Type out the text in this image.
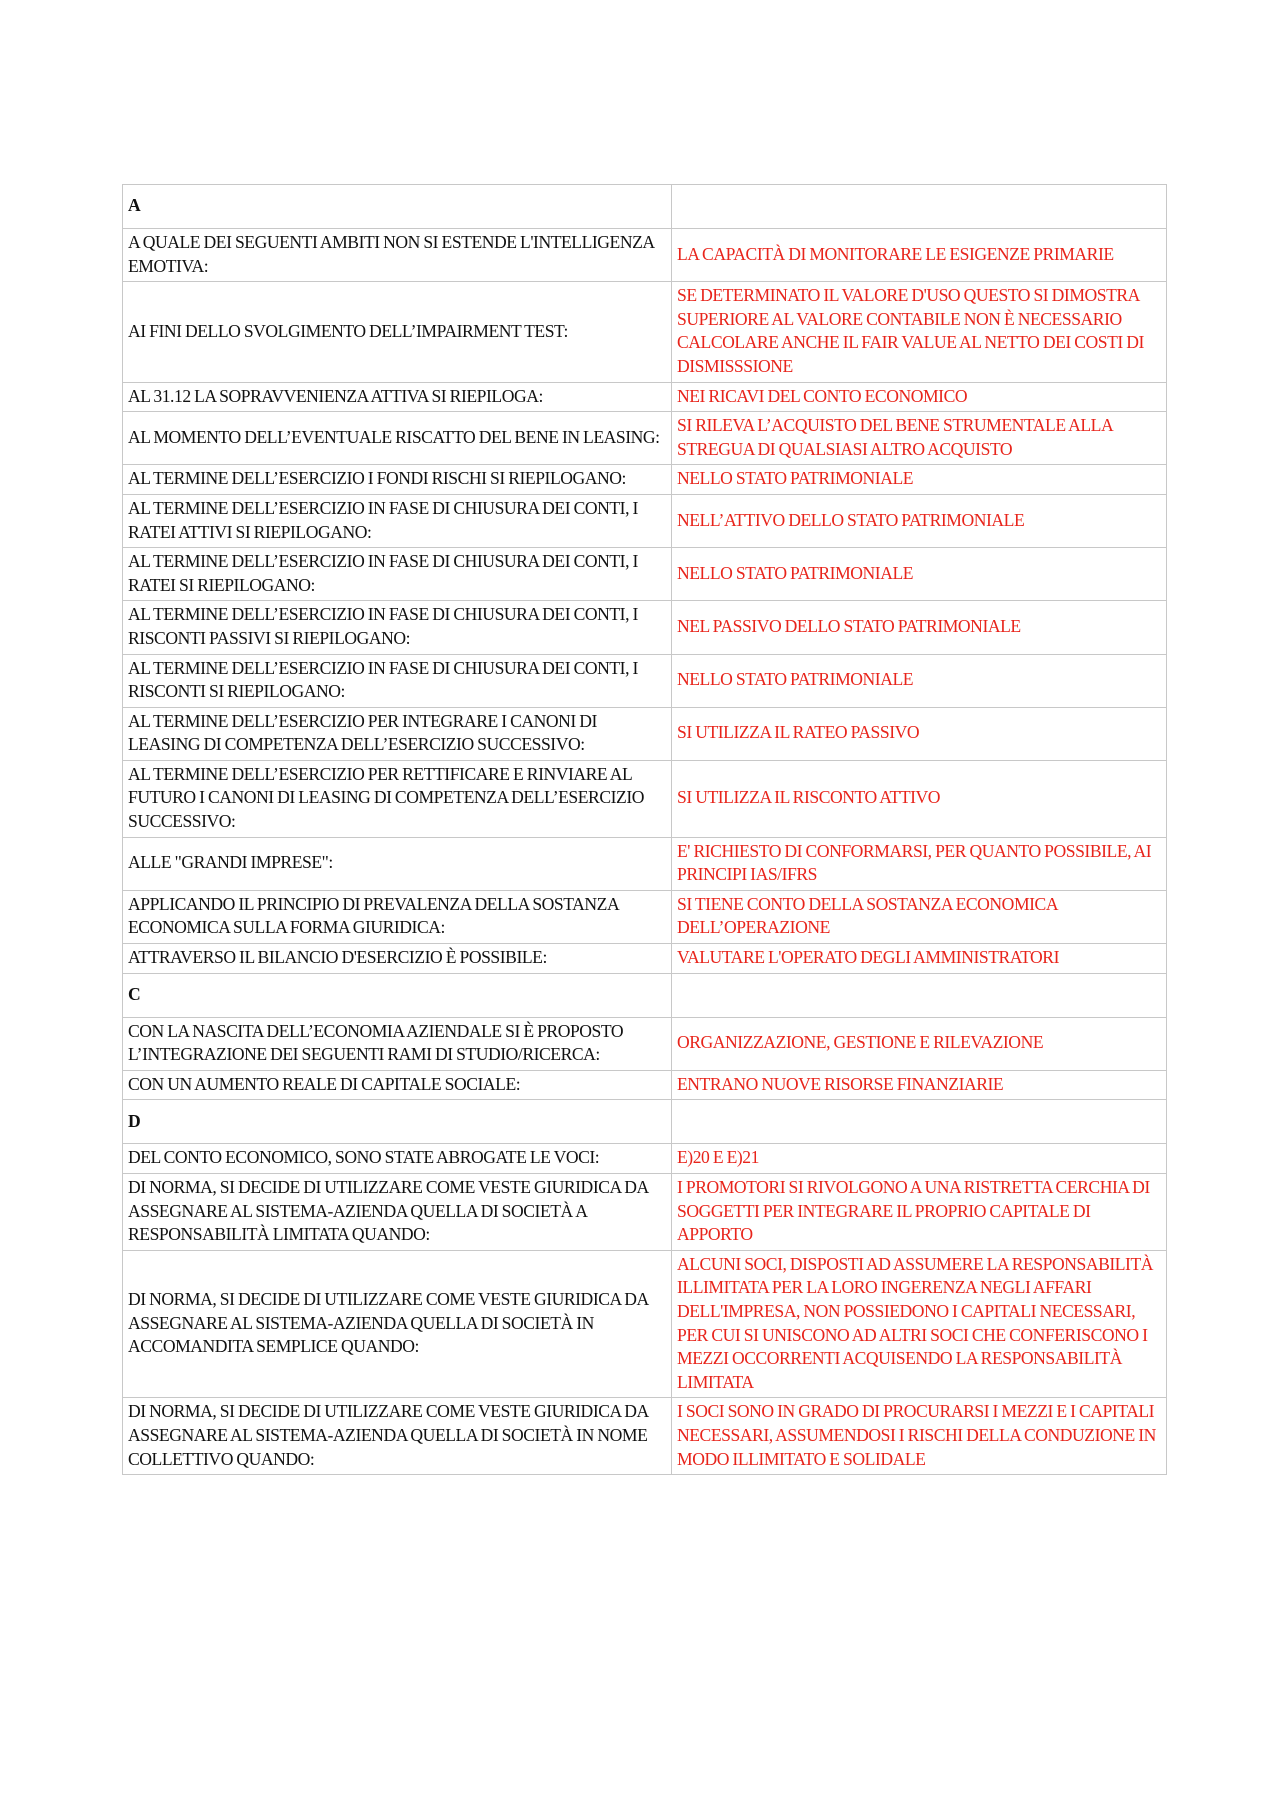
A	
A QUALE DEI SEGUENTI AMBITI NON SI ESTENDE L'INTELLIGENZA EMOTIVA:	LA CAPACITÀ DI MONITORARE LE ESIGENZE PRIMARIE
AI FINI DELLO SVOLGIMENTO DELL’IMPAIRMENT TEST:	SE DETERMINATO IL VALORE D'USO QUESTO SI DIMOSTRA SUPERIORE AL VALORE CONTABILE NON È NECESSARIO CALCOLARE ANCHE IL FAIR VALUE AL NETTO DEI COSTI DI DISMISSSIONE
AL 31.12 LA SOPRAVVENIENZA ATTIVA SI RIEPILOGA:	NEI RICAVI DEL CONTO ECONOMICO
AL MOMENTO DELL’EVENTUALE RISCATTO DEL BENE IN LEASING:	SI RILEVA L’ACQUISTO DEL BENE STRUMENTALE ALLA STREGUA DI QUALSIASI ALTRO ACQUISTO
AL TERMINE DELL’ESERCIZIO I FONDI RISCHI SI RIEPILOGANO:	NELLO STATO PATRIMONIALE
AL TERMINE DELL’ESERCIZIO IN FASE DI CHIUSURA DEI CONTI, I RATEI ATTIVI SI RIEPILOGANO:	NELL’ATTIVO DELLO STATO PATRIMONIALE
AL TERMINE DELL’ESERCIZIO IN FASE DI CHIUSURA DEI CONTI, I RATEI SI RIEPILOGANO:	NELLO STATO PATRIMONIALE
AL TERMINE DELL’ESERCIZIO IN FASE DI CHIUSURA DEI CONTI, I RISCONTI PASSIVI SI RIEPILOGANO:	NEL PASSIVO DELLO STATO PATRIMONIALE
AL TERMINE DELL’ESERCIZIO IN FASE DI CHIUSURA DEI CONTI, I RISCONTI SI RIEPILOGANO:	NELLO STATO PATRIMONIALE
AL TERMINE DELL’ESERCIZIO PER INTEGRARE I CANONI DI LEASING DI COMPETENZA DELL’ESERCIZIO SUCCESSIVO:	SI UTILIZZA IL RATEO PASSIVO
AL TERMINE DELL’ESERCIZIO PER RETTIFICARE E RINVIARE AL FUTURO I CANONI DI LEASING DI COMPETENZA DELL’ESERCIZIO SUCCESSIVO:	SI UTILIZZA IL RISCONTO ATTIVO
ALLE "GRANDI IMPRESE":	E' RICHIESTO DI CONFORMARSI, PER QUANTO POSSIBILE, AI PRINCIPI IAS/IFRS
APPLICANDO IL PRINCIPIO DI PREVALENZA DELLA SOSTANZA ECONOMICA SULLA FORMA GIURIDICA:	SI TIENE CONTO DELLA SOSTANZA ECONOMICA DELL’OPERAZIONE
ATTRAVERSO IL BILANCIO D'ESERCIZIO È POSSIBILE:	VALUTARE L'OPERATO DEGLI AMMINISTRATORI
C	
CON LA NASCITA DELL’ECONOMIA AZIENDALE SI È PROPOSTO L’INTEGRAZIONE DEI SEGUENTI RAMI DI STUDIO/RICERCA:	ORGANIZZAZIONE, GESTIONE E RILEVAZIONE
CON UN AUMENTO REALE DI CAPITALE SOCIALE:	ENTRANO NUOVE RISORSE FINANZIARIE
D	
DEL CONTO ECONOMICO, SONO STATE ABROGATE LE VOCI:	E)20 E E)21
DI NORMA, SI DECIDE DI UTILIZZARE COME VESTE GIURIDICA DA ASSEGNARE AL SISTEMA-AZIENDA QUELLA DI SOCIETÀ A RESPONSABILITÀ LIMITATA QUANDO:	I PROMOTORI SI RIVOLGONO A UNA RISTRETTA CERCHIA DI SOGGETTI PER INTEGRARE IL PROPRIO CAPITALE DI APPORTO
DI NORMA, SI DECIDE DI UTILIZZARE COME VESTE GIURIDICA DA ASSEGNARE AL SISTEMA-AZIENDA QUELLA DI SOCIETÀ IN ACCOMANDITA SEMPLICE QUANDO:	ALCUNI SOCI, DISPOSTI AD ASSUMERE LA RESPONSABILITÀ ILLIMITATA PER LA LORO INGERENZA NEGLI AFFARI DELL'IMPRESA, NON POSSIEDONO I CAPITALI NECESSARI, PER CUI SI UNISCONO AD ALTRI SOCI CHE CONFERISCONO I MEZZI OCCORRENTI ACQUISENDO LA RESPONSABILITÀ LIMITATA
DI NORMA, SI DECIDE DI UTILIZZARE COME VESTE GIURIDICA DA ASSEGNARE AL SISTEMA-AZIENDA QUELLA DI SOCIETÀ IN NOME COLLETTIVO QUANDO:	I SOCI SONO IN GRADO DI PROCURARSI I MEZZI E I CAPITALI NECESSARI, ASSUMENDOSI I RISCHI DELLA CONDUZIONE IN MODO ILLIMITATO E SOLIDALE
